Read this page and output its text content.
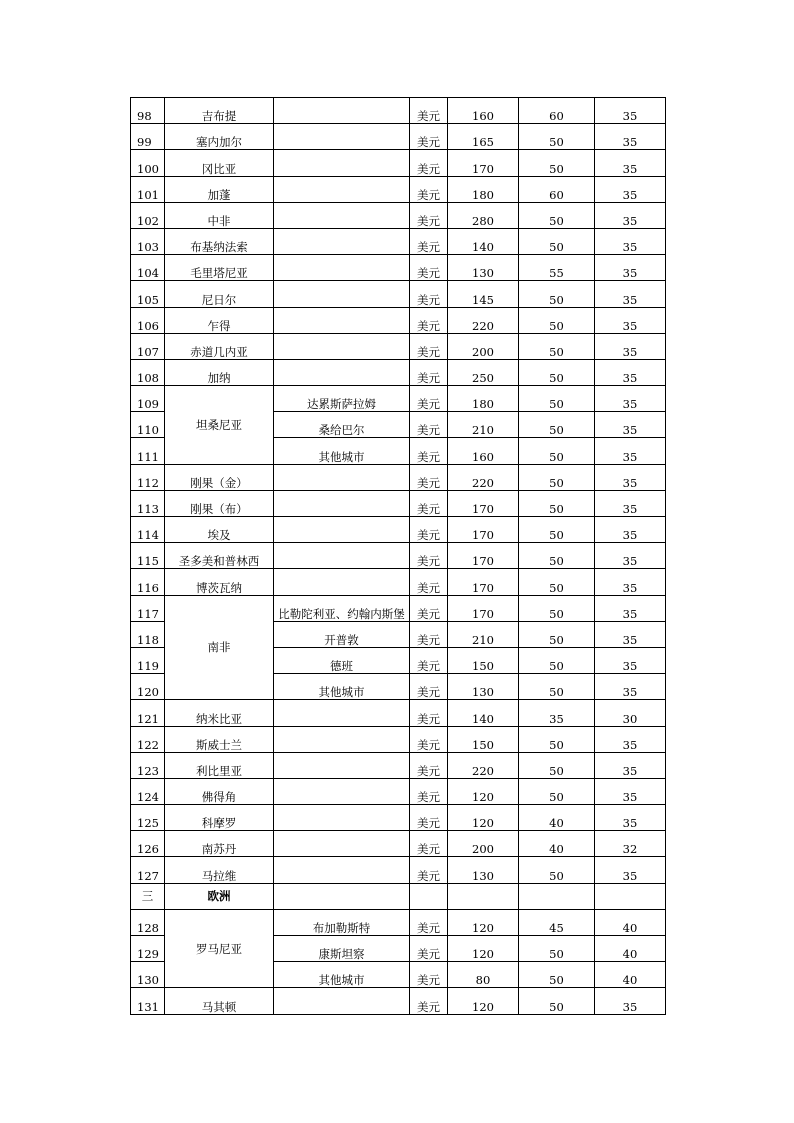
98	吉布提		美元	160	60	35
99	塞内加尔		美元	165	50	35
100	冈比亚		美元	170	50	35
101	加蓬		美元	180	60	35
102	中非		美元	280	50	35
103	布基纳法索		美元	140	50	35
104	毛里塔尼亚		美元	130	55	35
105	尼日尔		美元	145	50	35
106	乍得		美元	220	50	35
107	赤道几内亚		美元	200	50	35
108	加纳		美元	250	50	35
109	坦桑尼亚	达累斯萨拉姆	美元	180	50	35
110		桑给巴尔	美元	210	50	35
111		其他城市	美元	160	50	35
112	刚果（金）		美元	220	50	35
113	刚果（布）		美元	170	50	35
114	埃及		美元	170	50	35
115	圣多美和普林西		美元	170	50	35
116	博茨瓦纳		美元	170	50	35
117	南非	比勒陀利亚、约翰内斯堡	美元	170	50	35
118		开普敦	美元	210	50	35
119		德班	美元	150	50	35
120		其他城市	美元	130	50	35
121	纳米比亚		美元	140	35	30
122	斯威士兰		美元	150	50	35
123	利比里亚		美元	220	50	35
124	佛得角		美元	120	50	35
125	科摩罗		美元	120	40	35
126	南苏丹		美元	200	40	32
127	马拉维		美元	130	50	35
三	欧洲					
128	罗马尼亚	布加勒斯特	美元	120	45	40
129		康斯坦察	美元	120	50	40
130		其他城市	美元	80	50	40
131	马其顿		美元	120	50	35
